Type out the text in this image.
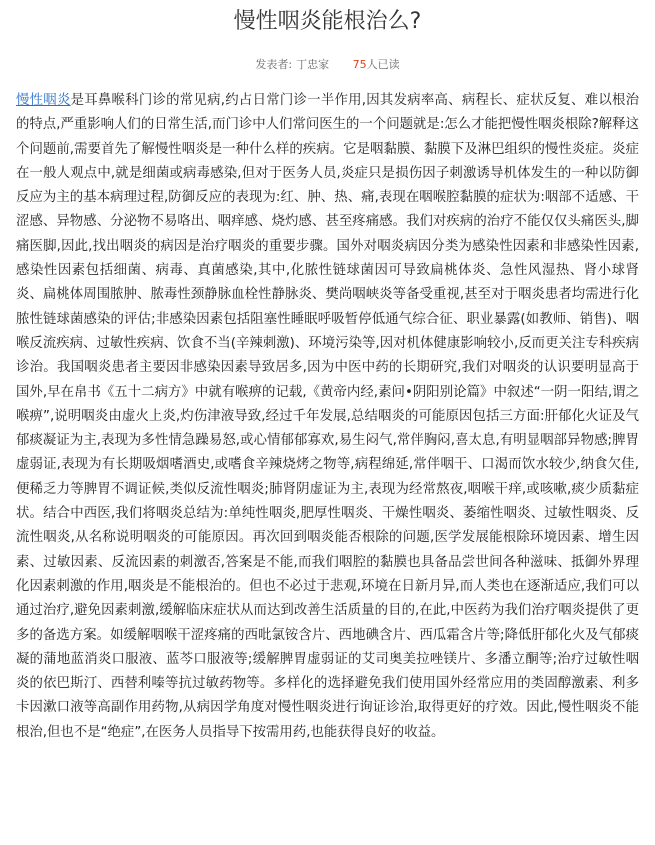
慢性咽炎能根治么?
发表者: 丁忠家 75人已读

慢性咽炎是耳鼻喉科门诊的常见病,约占日常门诊一半作用,因其发病率高、病程长、症状反复、难以根治的特点,严重影响人们的日常生活,而门诊中人们常问医生的一个问题就是:怎么才能把慢性咽炎根除?解释这个问题前,需要首先了解慢性咽炎是一种什么样的疾病。它是咽黏膜、黏膜下及淋巴组织的慢性炎症。炎症在一般人观点中,就是细菌或病毒感染,但对于医务人员,炎症只是损伤因子刺激诱导机体发生的一种以防御反应为主的基本病理过程,防御反应的表现为:红、肿、热、痛,表现在咽喉腔黏膜的症状为:咽部不适感、干涩感、异物感、分泌物不易咯出、咽痒感、烧灼感、甚至疼痛感。我们对疾病的治疗不能仅仅头痛医头,脚痛医脚,因此,找出咽炎的病因是治疗咽炎的重要步骤。国外对咽炎病因分类为感染性因素和非感染性因素,感染性因素包括细菌、病毒、真菌感染,其中,化脓性链球菌因可导致扁桃体炎、急性风湿热、肾小球肾炎、扁桃体周围脓肿、脓毒性颈静脉血栓性静脉炎、樊尚咽峡炎等备受重视,甚至对于咽炎患者均需进行化脓性链球菌感染的评估;非感染因素包括阻塞性睡眠呼吸暂停低通气综合征、职业暴露(如教师、销售)、咽喉反流疾病、过敏性疾病、饮食不当(辛辣刺激)、环境污染等,因对机体健康影响较小,反而更关注专科疾病诊治。我国咽炎患者主要因非感染因素导致居多,因为中医中药的长期研究,我们对咽炎的认识要明显高于国外,早在帛书《五十二病方》中就有喉痹的记载,《黄帝内经,素问•阴阳别论篇》中叙述“一阴一阳结,谓之喉痹”,说明咽炎由虚火上炎,灼伤津液导致,经过千年发展,总结咽炎的可能原因包括三方面:肝郁化火证及气郁痰凝证为主,表现为多性情急躁易怒,或心情郁郁寡欢,易生闷气,常伴胸闷,喜太息,有明显咽部异物感;脾胃虚弱证,表现为有长期吸烟嗜酒史,或嗜食辛辣烧烤之物等,病程绵延,常伴咽干、口渴而饮水较少,纳食欠佳,便稀乏力等脾胃不调证候,类似反流性咽炎;肺肾阴虚证为主,表现为经常熬夜,咽喉干痒,或咳嗽,痰少质黏症状。结合中西医,我们将咽炎总结为:单纯性咽炎,肥厚性咽炎、干燥性咽炎、萎缩性咽炎、过敏性咽炎、反流性咽炎,从名称说明咽炎的可能原因。再次回到咽炎能否根除的问题,医学发展能根除环境因素、增生因素、过敏因素、反流因素的刺激否,答案是不能,而我们咽腔的黏膜也具备品尝世间各种滋味、抵御外界理化因素刺激的作用,咽炎是不能根治的。但也不必过于悲观,环境在日新月异,而人类也在逐渐适应,我们可以通过治疗,避免因素刺激,缓解临床症状从而达到改善生活质量的目的,在此,中医药为我们治疗咽炎提供了更多的备选方案。如缓解咽喉干涩疼痛的西吡氯铵含片、西地碘含片、西瓜霜含片等;降低肝郁化火及气郁痰凝的蒲地蓝消炎口服液、蓝芩口服液等;缓解脾胃虚弱证的艾司奥美拉唑镁片、多潘立酮等;治疗过敏性咽炎的依巴斯汀、西替利嗪等抗过敏药物等。多样化的选择避免我们使用国外经常应用的类固醇激素、利多卡因漱口液等高副作用药物,从病因学角度对慢性咽炎进行询证诊治,取得更好的疗效。因此,慢性咽炎不能根治,但也不是“绝症”,在医务人员指导下按需用药,也能获得良好的收益。
